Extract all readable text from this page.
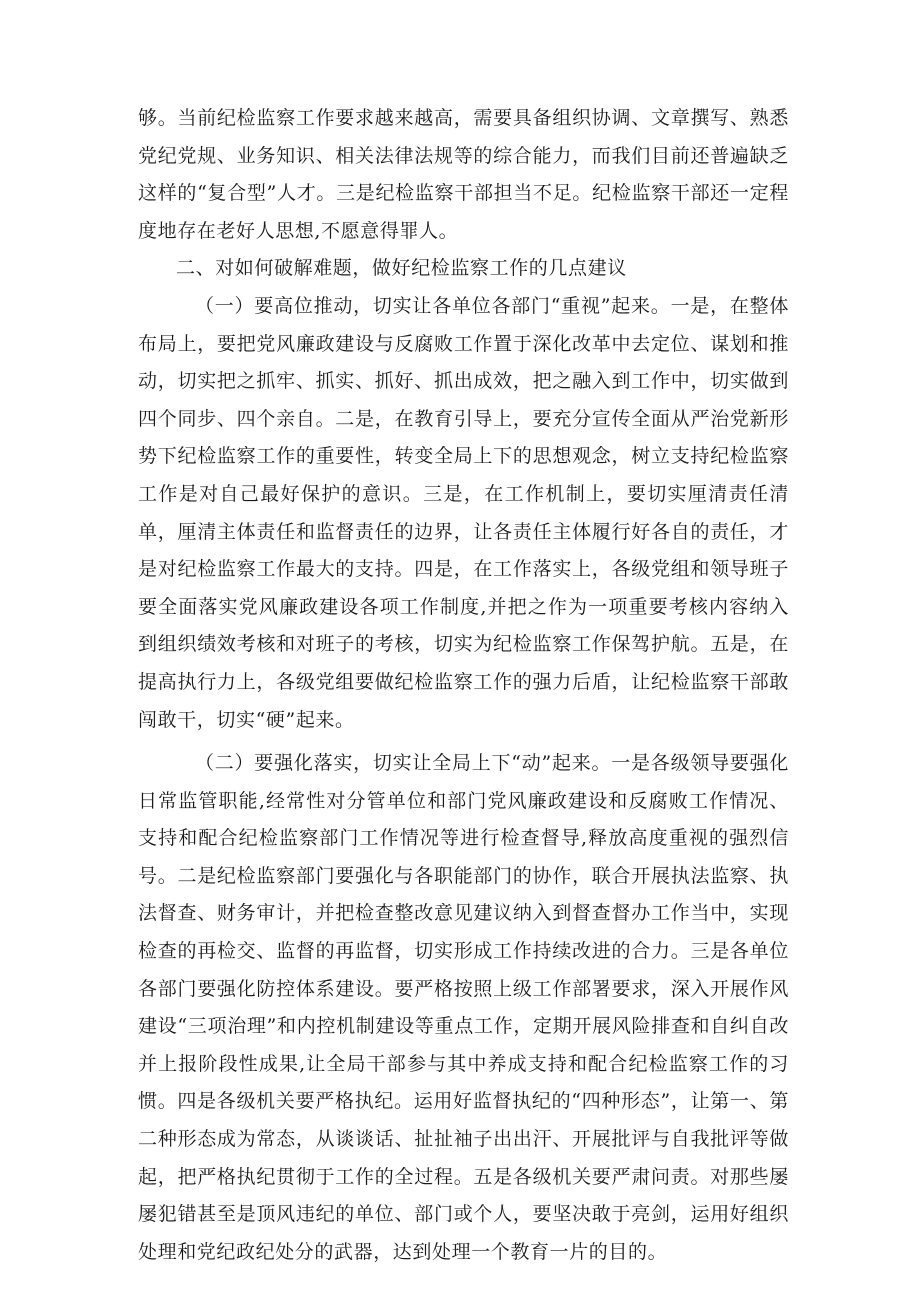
够。当前纪检监察工作要求越来越高，需要具备组织协调、文章撰写、熟悉党纪党规、业务知识、相关法律法规等的综合能力，而我们目前还普遍缺乏这样的“复合型”人才。三是纪检监察干部担当不足。纪检监察干部还一定程度地存在老好人思想,不愿意得罪人。

二、对如何破解难题，做好纪检监察工作的几点建议

（一）要高位推动，切实让各单位各部门“重视”起来。一是，在整体布局上，要把党风廉政建设与反腐败工作置于深化改革中去定位、谋划和推动，切实把之抓牢、抓实、抓好、抓出成效，把之融入到工作中，切实做到四个同步、四个亲自。二是，在教育引导上，要充分宣传全面从严治党新形势下纪检监察工作的重要性，转变全局上下的思想观念，树立支持纪检监察工作是对自己最好保护的意识。三是，在工作机制上，要切实厘清责任清单，厘清主体责任和监督责任的边界，让各责任主体履行好各自的责任，才是对纪检监察工作最大的支持。四是，在工作落实上，各级党组和领导班子要全面落实党风廉政建设各项工作制度,并把之作为一项重要考核内容纳入到组织绩效考核和对班子的考核，切实为纪检监察工作保驾护航。五是，在提高执行力上，各级党组要做纪检监察工作的强力后盾，让纪检监察干部敢闯敢干，切实“硬”起来。

（二）要强化落实，切实让全局上下“动”起来。一是各级领导要强化日常监管职能,经常性对分管单位和部门党风廉政建设和反腐败工作情况、支持和配合纪检监察部门工作情况等进行检查督导,释放高度重视的强烈信号。二是纪检监察部门要强化与各职能部门的协作，联合开展执法监察、执法督查、财务审计，并把检查整改意见建议纳入到督查督办工作当中，实现检查的再检交、监督的再监督，切实形成工作持续改进的合力。三是各单位各部门要强化防控体系建设。要严格按照上级工作部署要求，深入开展作风建设“三项治理”和内控机制建设等重点工作，定期开展风险排查和自纠自改并上报阶段性成果,让全局干部参与其中养成支持和配合纪检监察工作的习惯。四是各级机关要严格执纪。运用好监督执纪的“四种形态”，让第一、第二种形态成为常态，从谈谈话、扯扯袖子出出汗、开展批评与自我批评等做起，把严格执纪贯彻于工作的全过程。五是各级机关要严肃问责。对那些屡屡犯错甚至是顶风违纪的单位、部门或个人，要坚决敢于亮剑，运用好组织处理和党纪政纪处分的武器，达到处理一个教育一片的目的。
